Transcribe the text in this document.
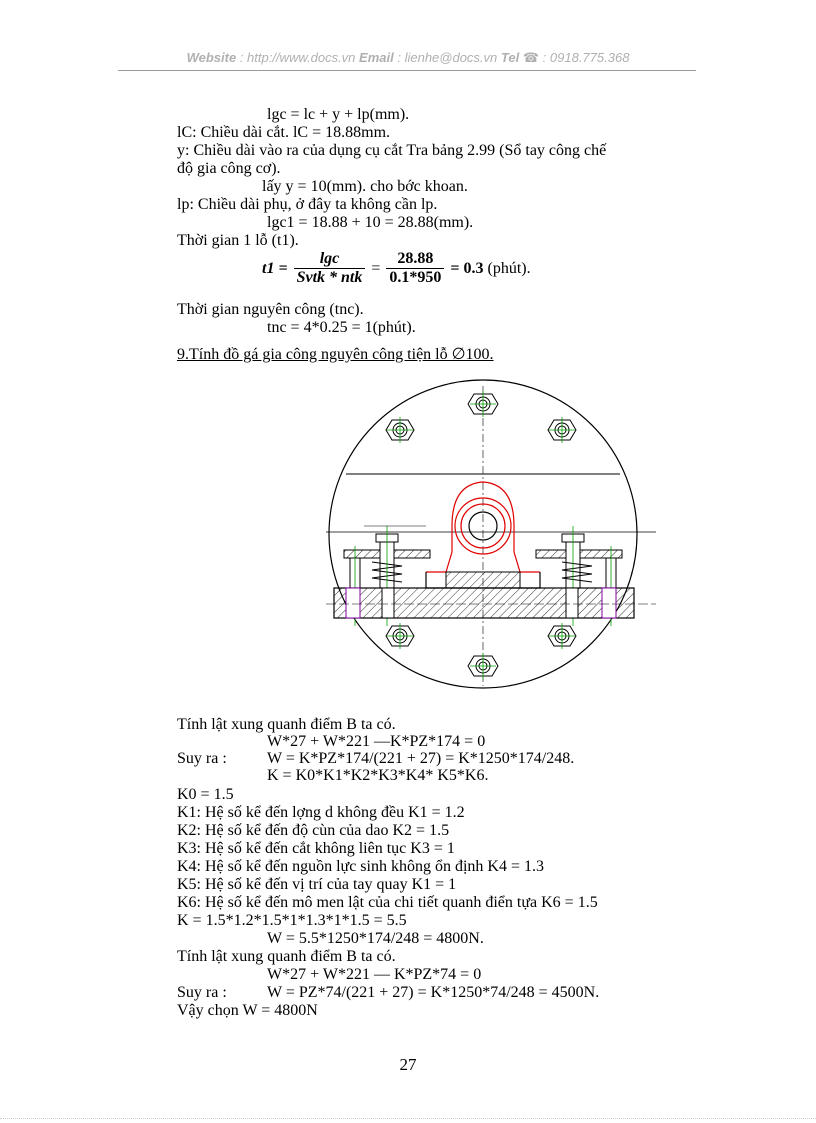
Website : http://www.docs.vn Email : lienhe@docs.vn Tel ☎ : 0918.775.368
lgc = lc + y + lp(mm).
lC: Chiều dài cắt. lC = 18.88mm.
y: Chiều dài vào ra của dụng cụ cắt Tra bảng 2.99 (Sổ tay công chế
độ gia công cơ).
lấy y = 10(mm). cho bớc khoan.
lp: Chiều dài phụ, ở đây ta không cần lp.
lgc1 = 18.88 + 10 = 28.88(mm).
Thời gian 1 lỗ (t1).
$t1 = \frac{\lg c}{\text{Svtk * ntk}} = \frac{28.88}{0.1*950} = 0.3$ (phút).
Thời gian nguyên công (tnc).
tnc = 4*0.25 = 1(phút).
9.Tính đồ gá gia công nguyên công tiện lỗ ∅100.
Tính lật xung quanh điểm B ta có.
W*27 + W*221 —K*PZ*174 = 0
Suy ra :	W = K*PZ*174/(221 + 27) = K*1250*174/248.
K = K0*K1*K2*K3*K4* K5*K6.
K0 = 1.5
K1: Hệ số kể đến lợng d không đều K1 = 1.2
K2: Hệ số kể đến độ cùn của dao K2 = 1.5
K3: Hệ số kể đến cắt không liên tục K3 = 1
K4: Hệ số kể đến nguồn lực sinh không ổn định K4 = 1.3
K5: Hệ số kể đến vị trí của tay quay K1 = 1
K6: Hệ số kể đến mô men lật của chi tiết quanh điển tựa K6 = 1.5
K = 1.5*1.2*1.5*1*1.3*1*1.5 = 5.5
W = 5.5*1250*174/248 = 4800N.
Tính lật xung quanh điểm B ta có.
W*27 + W*221 — K*PZ*74 = 0
Suy ra :	W = PZ*74/(221 + 27) = K*1250*74/248 = 4500N.
Vậy chọn W = 4800N
27
